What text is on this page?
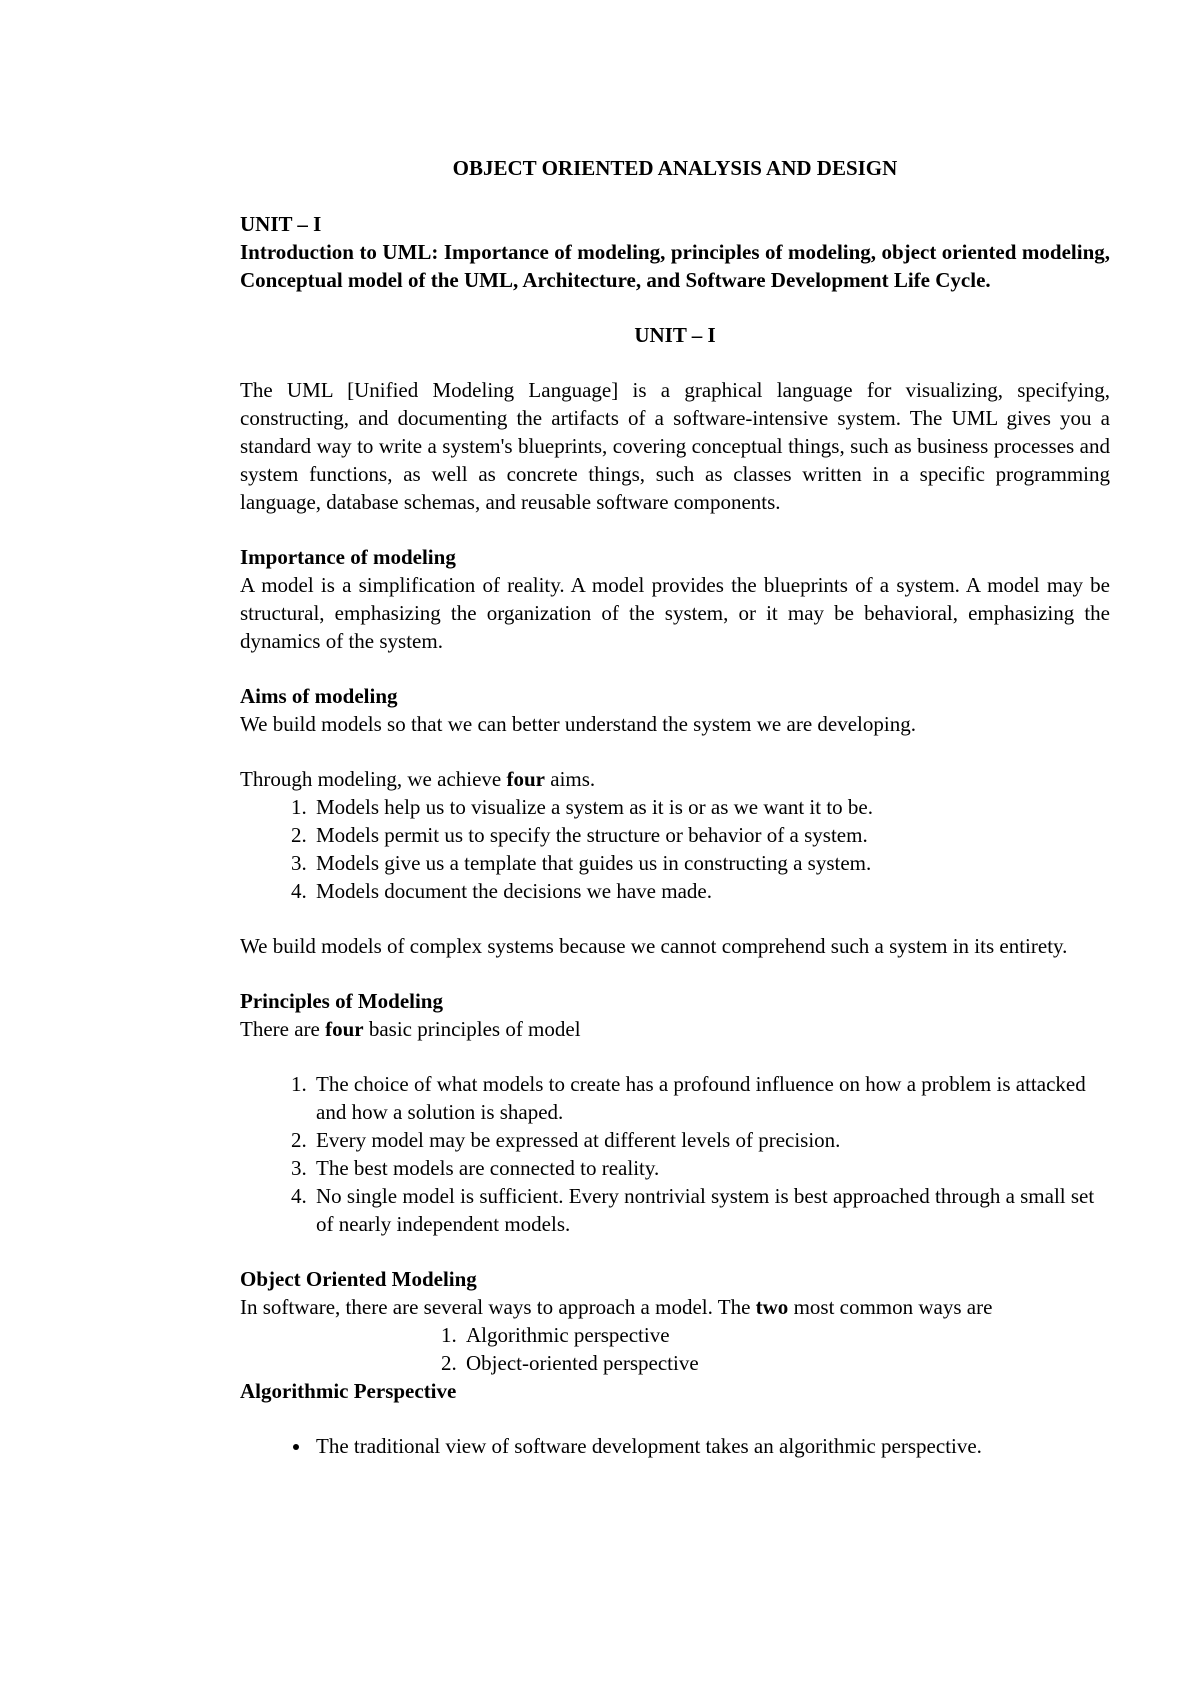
OBJECT ORIENTED ANALYSIS AND DESIGN

UNIT – I

Introduction to UML: Importance of modeling, principles of modeling, object oriented modeling, Conceptual model of the UML, Architecture, and Software Development Life Cycle.

UNIT – I

The UML [Unified Modeling Language] is a graphical language for visualizing, specifying, constructing, and documenting the artifacts of a software-intensive system. The UML gives you a standard way to write a system's blueprints, covering conceptual things, such as business processes and system functions, as well as concrete things, such as classes written in a specific programming language, database schemas, and reusable software components.

Importance of modeling

A model is a simplification of reality. A model provides the blueprints of a system. A model may be structural, emphasizing the organization of the system, or it may be behavioral, emphasizing the dynamics of the system.

Aims of modeling

We build models so that we can better understand the system we are developing.

Through modeling, we achieve four aims.

1. Models help us to visualize a system as it is or as we want it to be.
2. Models permit us to specify the structure or behavior of a system.
3. Models give us a template that guides us in constructing a system.
4. Models document the decisions we have made.

We build models of complex systems because we cannot comprehend such a system in its entirety.

Principles of Modeling

There are four basic principles of model

1. The choice of what models to create has a profound influence on how a problem is attacked and how a solution is shaped.
2. Every model may be expressed at different levels of precision.
3. The best models are connected to reality.
4. No single model is sufficient. Every nontrivial system is best approached through a small set of nearly independent models.

Object Oriented Modeling

In software, there are several ways to approach a model. The two most common ways are

1. Algorithmic perspective
2. Object-oriented perspective

Algorithmic Perspective

• The traditional view of software development takes an algorithmic perspective.
